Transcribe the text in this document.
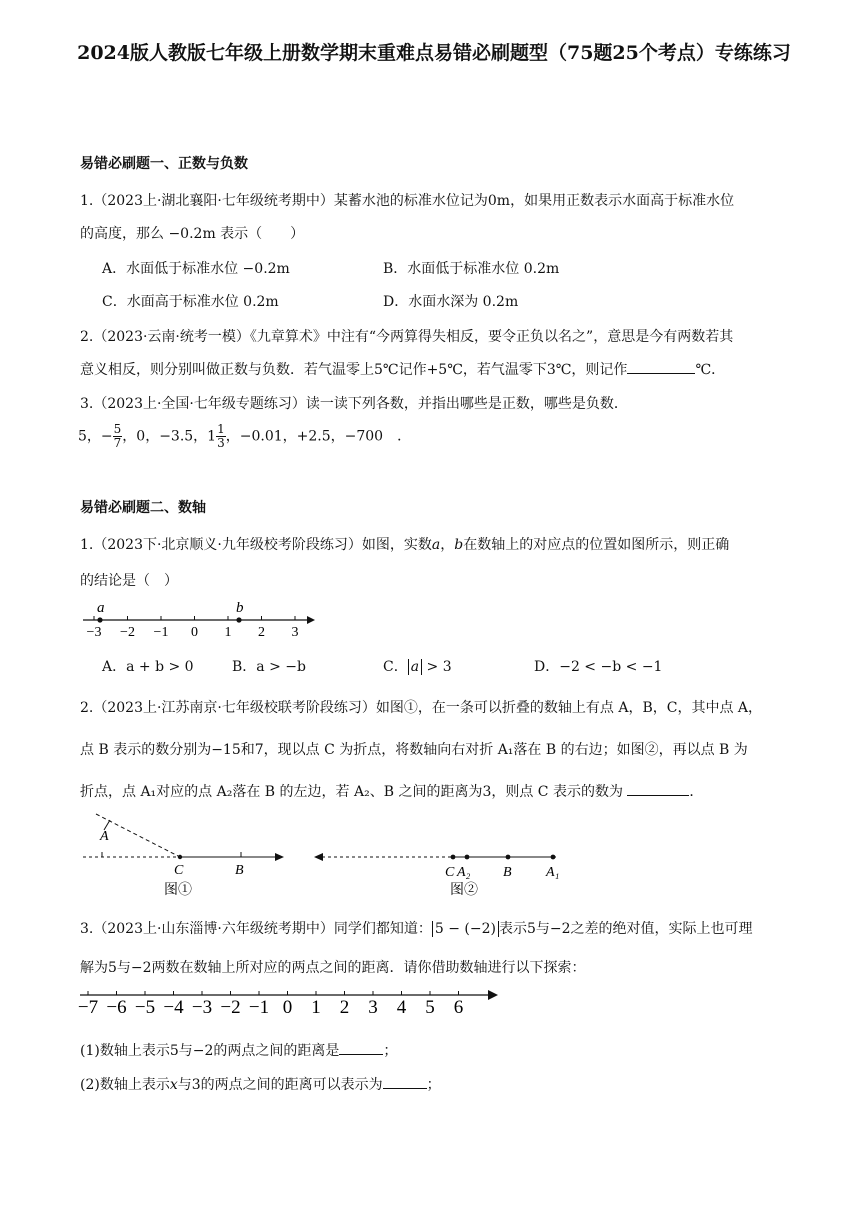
2024版人教版七年级上册数学期末重难点易错必刷题型（75题25个考点）专练练习
易错必刷题一、正数与负数
1.（2023上·湖北襄阳·七年级统考期中）某蓄水池的标准水位记为0m，如果用正数表示水面高于标准水位
的高度，那么 −0.2m 表示（　　）
A．水面低于标准水位 −0.2m	B．水面低于标准水位 0.2m
C．水面高于标准水位 0.2m	D．水面水深为 0.2m
2.（2023·云南·统考一模）《九章算术》中注有“今两算得失相反，要令正负以名之”，意思是今有两数若其
意义相反，则分别叫做正数与负数．若气温零上5℃记作+5℃，若气温零下3℃，则记作	℃．
3.（2023上·全国·七年级专题练习）读一读下列各数，并指出哪些是正数，哪些是负数．
5，− $\frac{5}{7}$ ，0，−3.5，$1 \frac{1}{3}$ ，−0.01，+2.5，−700　．
易错必刷题二、数轴
1.（2023下·北京顺义·九年级校考阶段练习）如图，实数a，b在数轴上的对应点的位置如图所示，则正确
的结论是（　）
−3 −2 −1 0 1 2 3
a	b
A．a + b > 0	B．a > −b	C． a > 3	D．−2 < −b < −1
2.（2023上·江苏南京·七年级校联考阶段练习）如图①，在一条可以折叠的数轴上有点 A，B，C，其中点 A，
点 B 表示的数分别为−15和7，现以点 C 为折点，将数轴向右对折 A₁落在 B 的右边；如图②，再以点 B 为
折点，点 A₁对应的点 A₂落在 B 的左边，若 A₂、B 之间的距离为3，则点 C 表示的数为	．
A
C	B
图①
C A₂ B A₁
图②
3.（2023上·山东淄博·六年级统考期中）同学们都知道： 5 − (−2) 表示5与−2之差的绝对值，实际上也可理
解为5与−2两数在数轴上所对应的两点之间的距离．请你借助数轴进行以下探索：
−7 −6 −5 −4 −3 −2 −1 0 1 2 3 4 5 6
(1)数轴上表示5与−2的两点之间的距离是	；
(2)数轴上表示x与3的两点之间的距离可以表示为	；
